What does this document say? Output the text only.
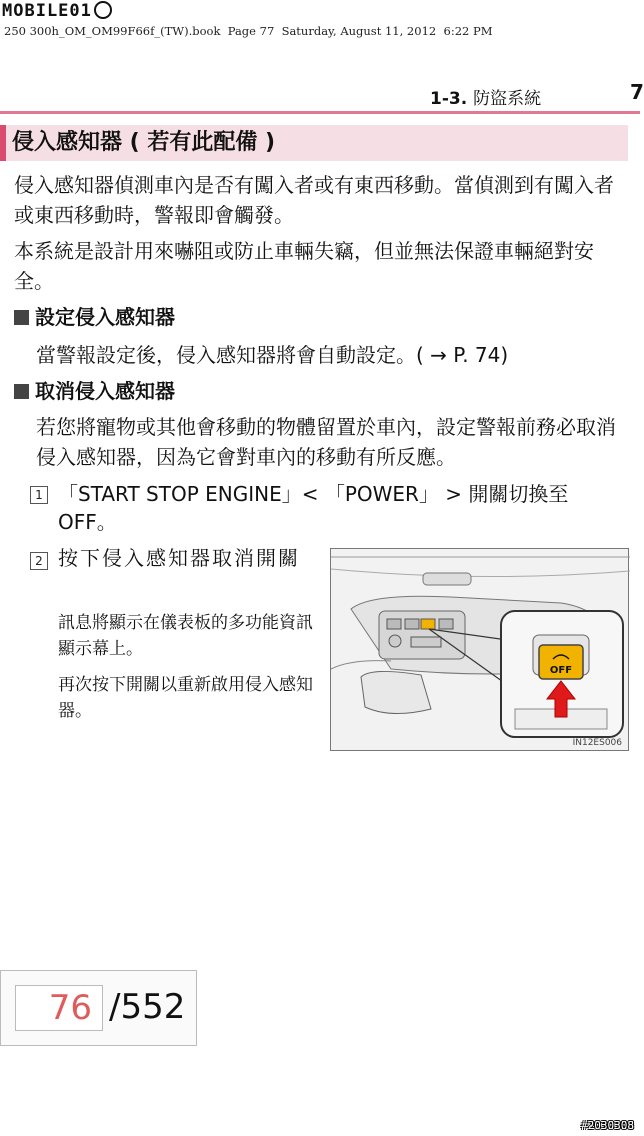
MOBILE01
250 300h_OM_OM99F66f_(TW).book  Page 77  Saturday, August 11, 2012  6:22 PM
1-3. 防盜系統	7
侵入感知器 ( 若有此配備 )
侵入感知器偵測車內是否有闖入者或有東西移動。當偵測到有闖入者或東西移動時，警報即會觸發。
本系統是設計用來嚇阻或防止車輛失竊，但並無法保證車輛絕對安全。
設定侵入感知器
當警報設定後，侵入感知器將會自動設定。( → P. 74)
取消侵入感知器
若您將寵物或其他會移動的物體留置於車內，設定警報前務必取消侵入感知器，因為它會對車內的移動有所反應。
1 「START STOP ENGINE」< 「POWER」 > 開關切換至 OFF。
2 按下侵入感知器取消開關
訊息將顯示在儀表板的多功能資訊顯示幕上。
再次按下開關以重新啟用侵入感知器。
OFF
IN12ES006
76 /552
#2030308
